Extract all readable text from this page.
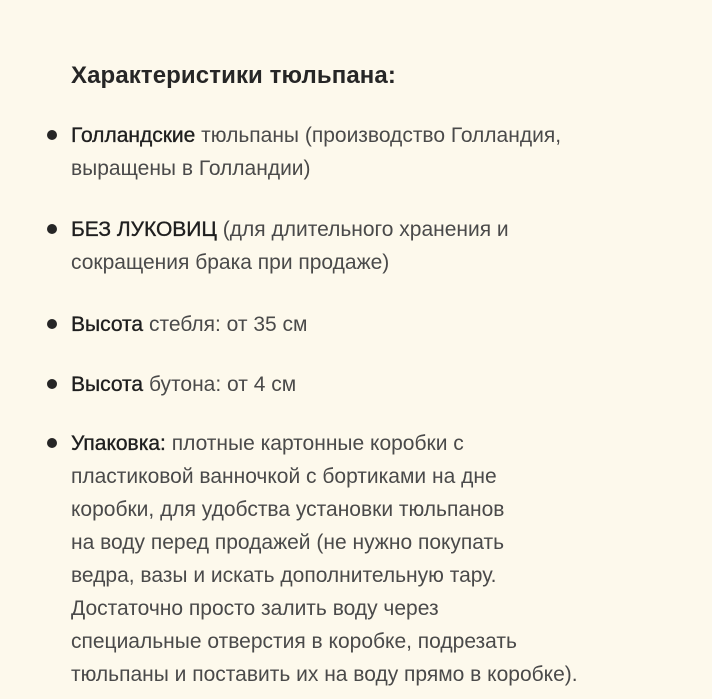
Характеристики тюльпана:
Голландские тюльпаны (производство Голландия,
выращены в Голландии)
БЕЗ ЛУКОВИЦ (для длительного хранения и
сокращения брака при продаже)
Высота стебля: от 35 см
Высота бутона: от 4 см
Упаковка: плотные картонные коробки с
пластиковой ванночкой с бортиками на дне
коробки, для удобства установки тюльпанов
на воду перед продажей (не нужно покупать
ведра, вазы и искать дополнительную тару.
Достаточно просто залить воду через
специальные отверстия в коробке, подрезать
тюльпаны и поставить их на воду прямо в коробке).
